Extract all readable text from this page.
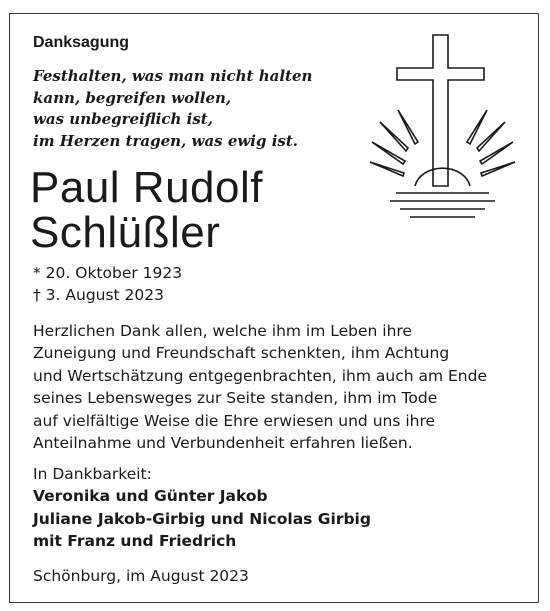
Danksagung
Festhalten, was man nicht halten
kann, begreifen wollen,
was unbegreiflich ist,
im Herzen tragen, was ewig ist.
Paul Rudolf
Schlüßler
* 20. Oktober 1923
† 3. August 2023
Herzlichen Dank allen, welche ihm im Leben ihre
Zuneigung und Freundschaft schenkten, ihm Achtung
und Wertschätzung entgegenbrachten, ihm auch am Ende
seines Lebensweges zur Seite standen, ihm im Tode
auf vielfältige Weise die Ehre erwiesen und uns ihre
Anteilnahme und Verbundenheit erfahren ließen.
In Dankbarkeit:
Veronika und Günter Jakob
Juliane Jakob-Girbig und Nicolas Girbig
mit Franz und Friedrich
Schönburg, im August 2023
